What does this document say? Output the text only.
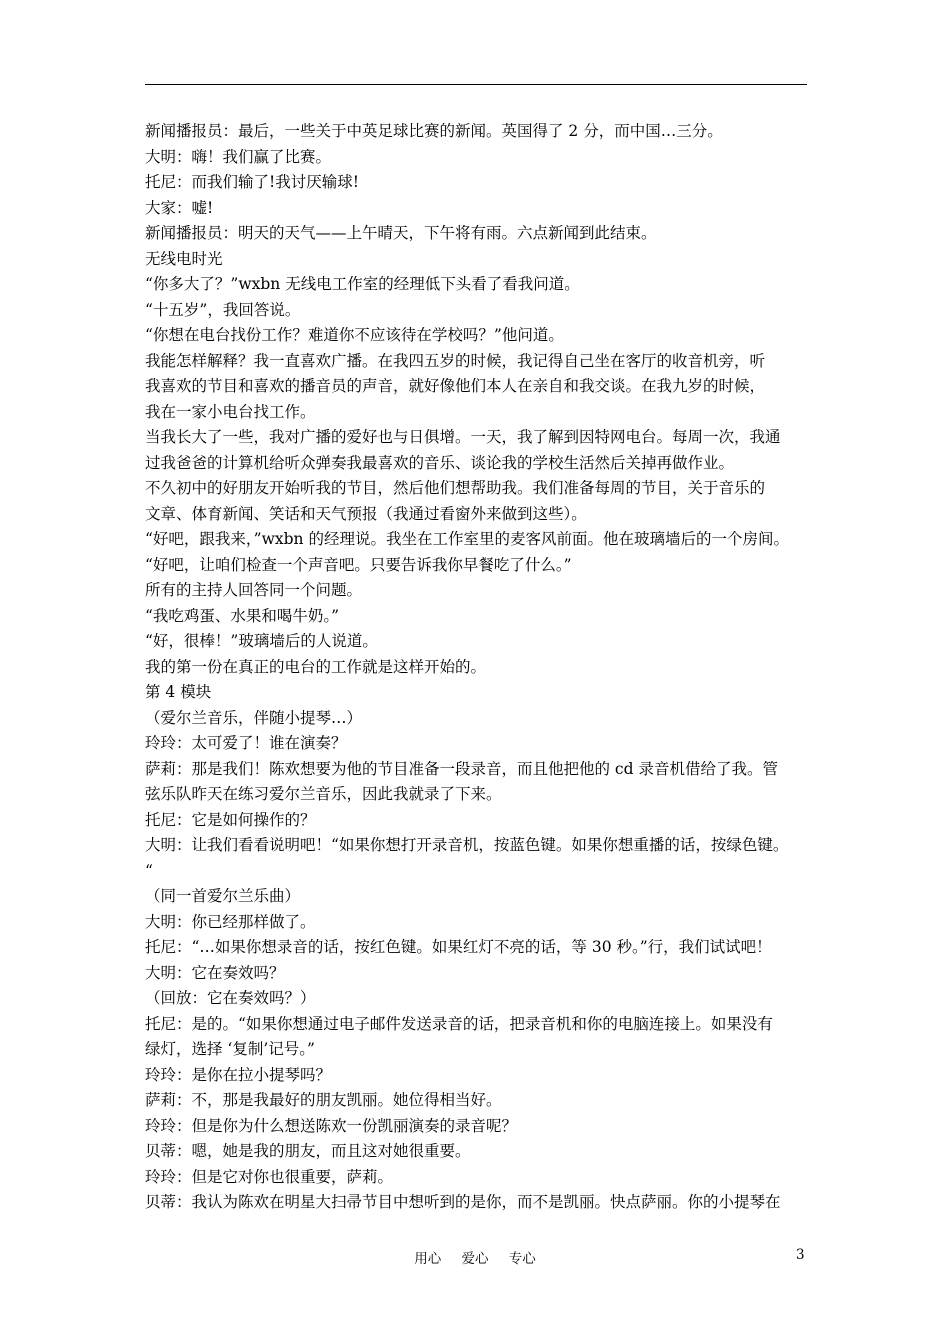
新闻播报员：最后，一些关于中英足球比赛的新闻。英国得了 2 分，而中国…三分。
大明：嗨！我们赢了比赛。
托尼：而我们输了!我讨厌输球!
大家：嘘!
新闻播报员：明天的天气——上午晴天，下午将有雨。六点新闻到此结束。
无线电时光
“你多大了？”wxbn 无线电工作室的经理低下头看了看我问道。
“十五岁”，我回答说。
“你想在电台找份工作？难道你不应该待在学校吗？”他问道。
我能怎样解释？我一直喜欢广播。在我四五岁的时候，我记得自己坐在客厅的收音机旁，听
我喜欢的节目和喜欢的播音员的声音，就好像他们本人在亲自和我交谈。在我九岁的时候，
我在一家小电台找工作。
当我长大了一些，我对广播的爱好也与日俱增。一天，我了解到因特网电台。每周一次，我通
过我爸爸的计算机给听众弹奏我最喜欢的音乐、谈论我的学校生活然后关掉再做作业。
不久初中的好朋友开始听我的节目，然后他们想帮助我。我们准备每周的节目，关于音乐的
文章、体育新闻、笑话和天气预报（我通过看窗外来做到这些）。
“好吧，跟我来，”wxbn 的经理说。我坐在工作室里的麦客风前面。他在玻璃墙后的一个房间。
“好吧，让咱们检查一个声音吧。只要告诉我你早餐吃了什么。”
所有的主持人回答同一个问题。
“我吃鸡蛋、水果和喝牛奶。”
“好，很棒！”玻璃墙后的人说道。
我的第一份在真正的电台的工作就是这样开始的。
第 4 模块
（爱尔兰音乐，伴随小提琴…）
玲玲：太可爱了！谁在演奏？
萨莉：那是我们！陈欢想要为他的节目准备一段录音，而且他把他的 cd 录音机借给了我。管
弦乐队昨天在练习爱尔兰音乐，因此我就录了下来。
托尼：它是如何操作的？
大明：让我们看看说明吧！“如果你想打开录音机，按蓝色键。如果你想重播的话，按绿色键。
“
（同一首爱尔兰乐曲）
大明：你已经那样做了。
托尼：“…如果你想录音的话，按红色键。如果红灯不亮的话，等 30 秒。”行，我们试试吧！
大明：它在奏效吗？
（回放：它在奏效吗？）
托尼：是的。“如果你想通过电子邮件发送录音的话，把录音机和你的电脑连接上。如果没有
绿灯，选择 ‘复制’记号。”
玲玲：是你在拉小提琴吗？
萨莉：不，那是我最好的朋友凯丽。她位得相当好。
玲玲：但是你为什么想送陈欢一份凯丽演奏的录音呢？
贝蒂：嗯，她是我的朋友，而且这对她很重要。
玲玲：但是它对你也很重要，萨莉。
贝蒂：我认为陈欢在明星大扫帚节目中想听到的是你，而不是凯丽。快点萨丽。你的小提琴在
用心 爱心 专心	3
